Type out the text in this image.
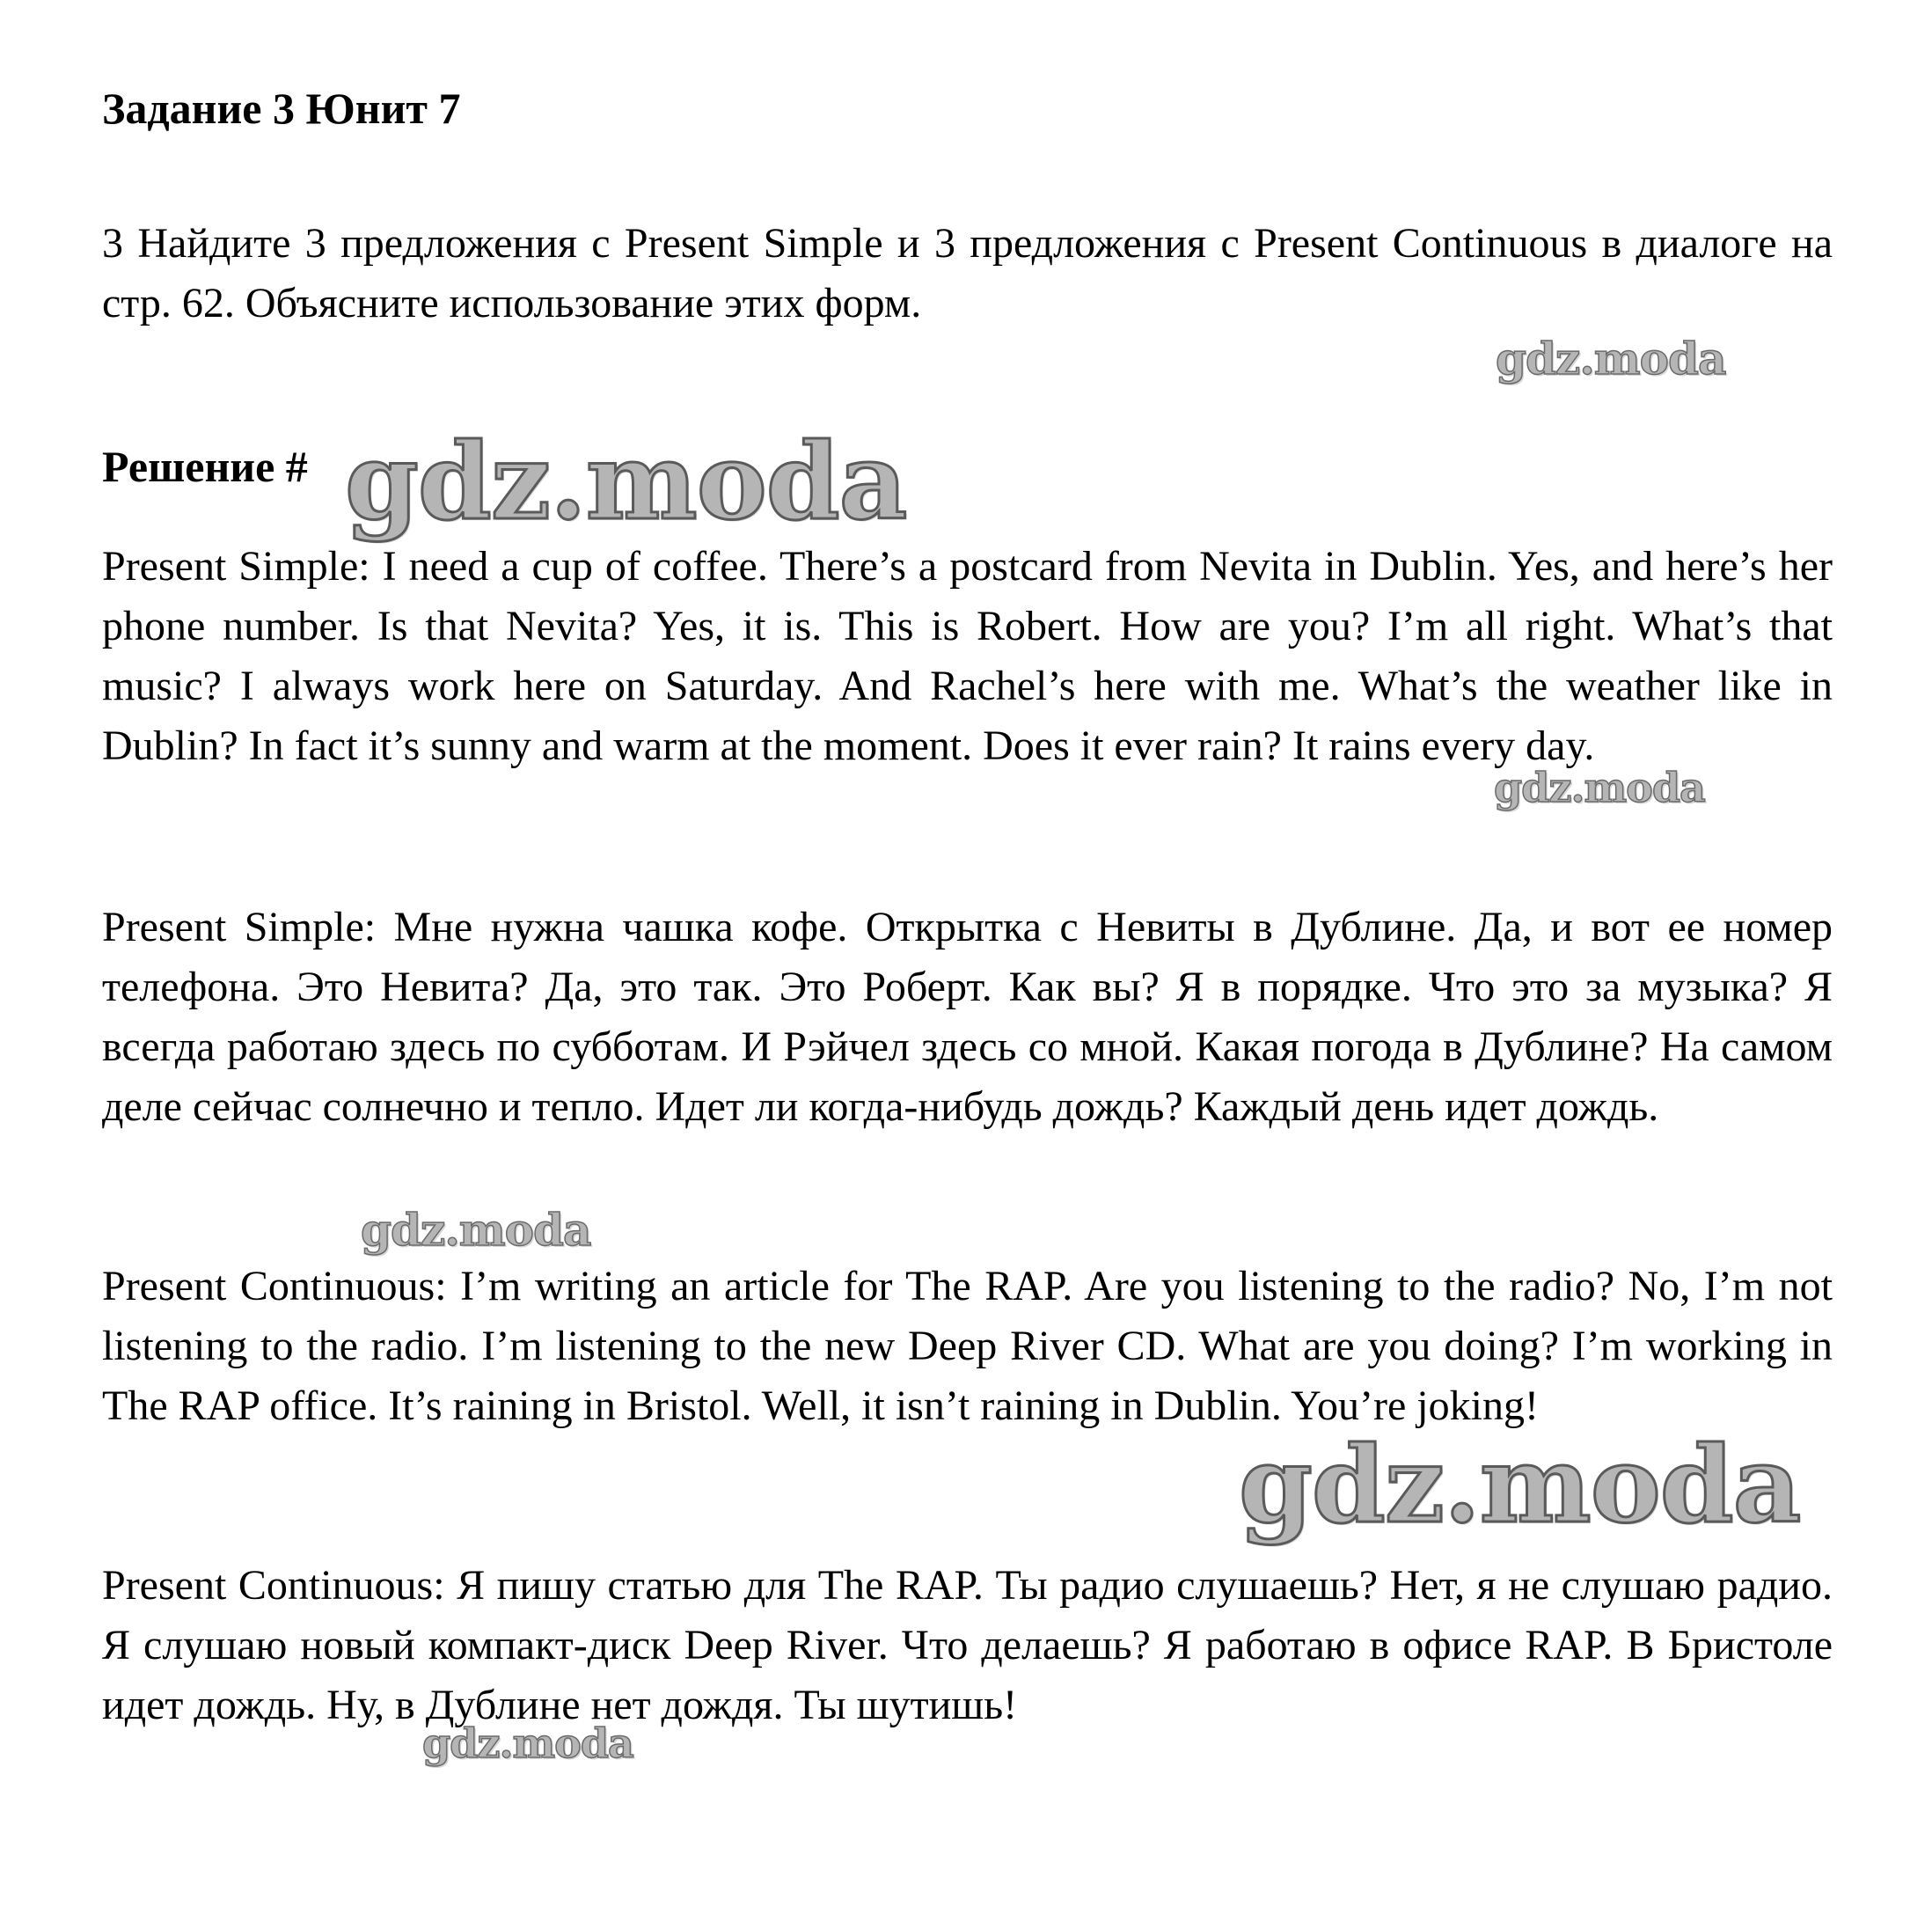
Задание 3 Юнит 7

3 Найдите 3 предложения с Present Simple и 3 предложения с Present Continuous в диалоге на стр. 62. Объясните использование этих форм.

gdz.moda
Решение # gdz.moda

Present Simple: I need a cup of coffee. There’s a postcard from Nevita in Dublin. Yes, and here’s her phone number. Is that Nevita? Yes, it is. This is Robert. How are you? I’m all right. What’s that music? I always work here on Saturday. And Rachel’s here with me. What’s the weather like in Dublin? In fact it’s sunny and warm at the moment. Does it ever rain? It rains every day.

gdz.moda

Present Simple: Мне нужна чашка кофе. Открытка с Невиты в Дублине. Да, и вот ее номер телефона. Это Невита? Да, это так. Это Роберт. Как вы? Я в порядке. Что это за музыка? Я всегда работаю здесь по субботам. И Рэйчел здесь со мной. Какая погода в Дублине? На самом деле сейчас солнечно и тепло. Идет ли когда-нибудь дождь? Каждый день идет дождь.

gdz.moda

Present Continuous: I’m writing an article for The RAP. Are you listening to the radio? No, I’m not listening to the radio. I’m listening to the new Deep River CD. What are you doing? I’m working in The RAP office. It’s raining in Bristol. Well, it isn’t raining in Dublin. You’re joking!

gdz.moda

Present Continuous: Я пишу статью для The RAP. Ты радио слушаешь? Нет, я не слушаю радио. Я слушаю новый компакт-диск Deep River. Что делаешь? Я работаю в офисе RAP. В Бристоле идет дождь. Ну, в Дублине нет дождя. Ты шутишь!

gdz.moda
